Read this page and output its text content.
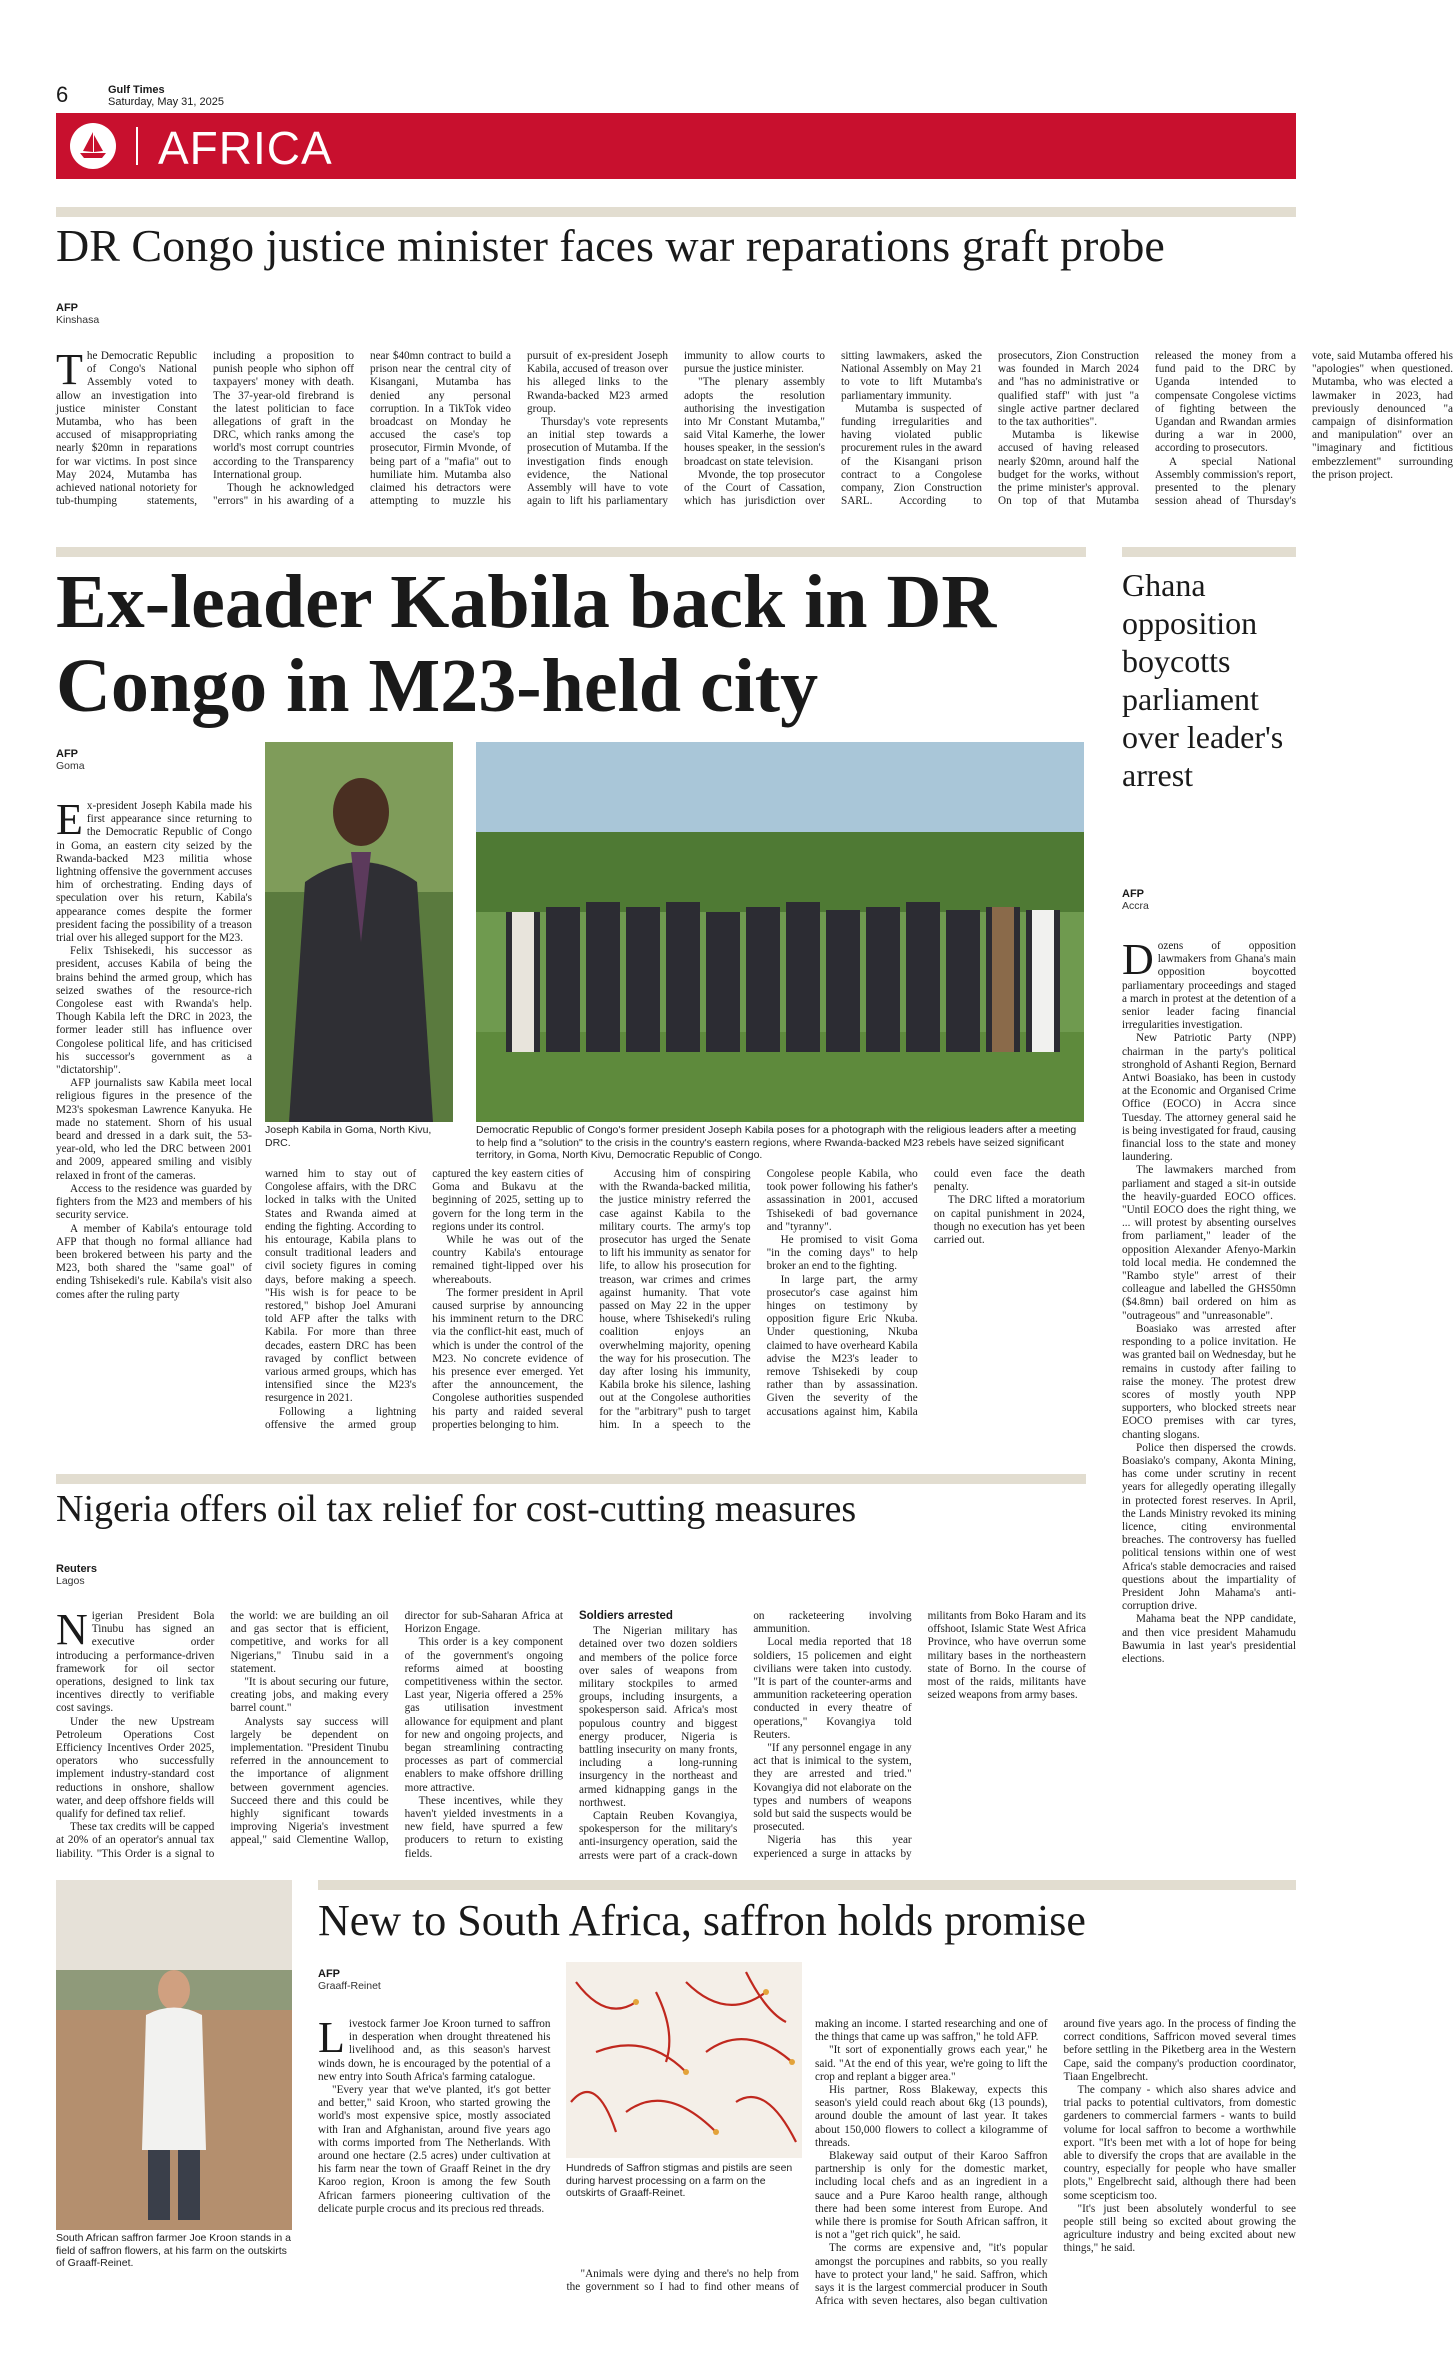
6	Gulf Times
Saturday, May 31, 2025
AFRICA
DR Congo justice minister faces war reparations graft probe
AFP
Kinshasa
T he Democratic Republic of Congo's National Assembly voted to allow an investigation into justice minister Constant Mutamba, who has been accused of misappropriating nearly $20mn in reparations for war victims. In post since May 2024, Mutamba has achieved national notoriety for tub-thumping statements, including a proposition to punish people who siphon off taxpayers' money with death. The 37-year-old firebrand is the latest politician to face allegations of graft in the DRC, which ranks among the world's most corrupt countries according to the Transparency International group.

Though he acknowledged "errors" in his awarding of a near $40mn contract to build a prison near the central city of Kisangani, Mutamba has denied any personal corruption. In a TikTok video broadcast on Monday he accused the case's top prosecutor, Firmin Mvonde, of being part of a "mafia" out to humiliate him. Mutamba also claimed his detractors were attempting to muzzle his pursuit of ex-president Joseph Kabila, accused of treason over his alleged links to the Rwanda-backed M23 armed group.

Thursday's vote represents an initial step towards a prosecution of Mutamba. If the investigation finds enough evidence, the National Assembly will have to vote again to lift his parliamentary immunity to allow courts to pursue the justice minister.

"The plenary assembly adopts the resolution authorising the investigation into Mr Constant Mutamba," said Vital Kamerhe, the lower houses speaker, in the session's broadcast on state television.

Mvonde, the top prosecutor of the Court of Cassation, which has jurisdiction over sitting lawmakers, asked the National Assembly on May 21 to vote to lift Mutamba's parliamentary immunity.

Mutamba is suspected of funding irregularities and having violated public procurement rules in the award of the Kisangani prison contract to a Congolese company, Zion Construction SARL. According to prosecutors, Zion Construction was founded in March 2024 and "has no administrative or qualified staff" with just "a single active partner declared to the tax authorities".

Mutamba is likewise accused of having released nearly $20mn, around half the budget for the works, without the prime minister's approval. On top of that Mutamba released the money from a fund paid to the DRC by Uganda intended to compensate Congolese victims of fighting between the Ugandan and Rwandan armies during a war in 2000, according to prosecutors.

A special National Assembly commission's report, presented to the plenary session ahead of Thursday's vote, said Mutamba offered his "apologies" when questioned. Mutamba, who was elected a lawmaker in 2023, had previously denounced "a campaign of disinformation and manipulation" over an "imaginary and fictitious embezzlement" surrounding the prison project.

Ex-leader Kabila back in DR Congo in M23-held city
AFP
Goma
E x-president Joseph Kabila made his first appearance since returning to the Democratic Republic of Congo in Goma, an eastern city seized by the Rwanda-backed M23 militia whose lightning offensive the government accuses him of orchestrating. Ending days of speculation over his return, Kabila's appearance comes despite the former president facing the possibility of a treason trial over his alleged support for the M23.

Felix Tshisekedi, his successor as president, accuses Kabila of being the brains behind the armed group, which has seized swathes of the resource-rich Congolese east with Rwanda's help. Though Kabila left the DRC in 2023, the former leader still has influence over Congolese political life, and has criticised his successor's government as a "dictatorship".

AFP journalists saw Kabila meet local religious figures in the presence of the M23's spokesman Lawrence Kanyuka. He made no statement. Shorn of his usual beard and dressed in a dark suit, the 53-year-old, who led the DRC between 2001 and 2009, appeared smiling and visibly relaxed in front of the cameras.

Access to the residence was guarded by fighters from the M23 and members of his security service.

A member of Kabila's entourage told AFP that though no formal alliance had been brokered between his party and the M23, both shared the "same goal" of ending Tshisekedi's rule. Kabila's visit also comes after the ruling party

Joseph Kabila in Goma, North Kivu, DRC.
Democratic Republic of Congo's former president Joseph Kabila poses for a photograph with the religious leaders after a meeting to help find a "solution" to the crisis in the country's eastern regions, where Rwanda-backed M23 rebels have seized significant territory, in Goma, North Kivu, Democratic Republic of Congo.

warned him to stay out of Congolese affairs, with the DRC locked in talks with the United States and Rwanda aimed at ending the fighting. According to his entourage, Kabila plans to consult traditional leaders and civil society figures in coming days, before making a speech. "His wish is for peace to be restored," bishop Joel Amurani told AFP after the talks with Kabila. For more than three decades, eastern DRC has been ravaged by conflict between various armed groups, which has intensified since the M23's resurgence in 2021.

Following a lightning offensive the armed group captured the key eastern cities of Goma and Bukavu at the beginning of 2025, setting up to govern for the long term in the regions under its control.

While he was out of the country Kabila's entourage remained tight-lipped over his whereabouts.

The former president in April caused surprise by announcing his imminent return to the DRC via the conflict-hit east, much of which is under the control of the M23. No concrete evidence of his presence ever emerged. Yet after the announcement, the Congolese authorities suspended his party and raided several properties belonging to him.

Accusing him of conspiring with the Rwanda-backed militia, the justice ministry referred the case against Kabila to the military courts. The army's top prosecutor has urged the Senate to lift his immunity as senator for life, to allow his prosecution for treason, war crimes and crimes against humanity. That vote passed on May 22 in the upper house, where Tshisekedi's ruling coalition enjoys an overwhelming majority, opening the way for his prosecution. The day after losing his immunity, Kabila broke his silence, lashing out at the Congolese authorities for the "arbitrary" push to target him. In a speech to the Congolese people Kabila, who took power following his father's assassination in 2001, accused Tshisekedi of bad governance and "tyranny".

He promised to visit Goma "in the coming days" to help broker an end to the fighting.

In large part, the army prosecutor's case against him hinges on testimony by opposition figure Eric Nkuba. Under questioning, Nkuba claimed to have overheard Kabila advise the M23's leader to remove Tshisekedi by coup rather than by assassination. Given the severity of the accusations against him, Kabila could even face the death penalty.

The DRC lifted a moratorium on capital punishment in 2024, though no execution has yet been carried out.

Ghana opposition boycotts parliament over leader's arrest
AFP
Accra
D ozens of opposition lawmakers from Ghana's main opposition boycotted parliamentary proceedings and staged a march in protest at the detention of a senior leader facing financial irregularities investigation.

New Patriotic Party (NPP) chairman in the party's political stronghold of Ashanti Region, Bernard Antwi Boasiako, has been in custody at the Economic and Organised Crime Office (EOCO) in Accra since Tuesday. The attorney general said he is being investigated for fraud, causing financial loss to the state and money laundering.

The lawmakers marched from parliament and staged a sit-in outside the heavily-guarded EOCO offices. "Until EOCO does the right thing, we ... will protest by absenting ourselves from parliament," leader of the opposition Alexander Afenyo-Markin told local media. He condemned the "Rambo style" arrest of their colleague and labelled the GHS50mn ($4.8mn) bail ordered on him as "outrageous" and "unreasonable".

Boasiako was arrested after responding to a police invitation. He was granted bail on Wednesday, but he remains in custody after failing to raise the money. The protest drew scores of mostly youth NPP supporters, who blocked streets near EOCO premises with car tyres, chanting slogans.

Police then dispersed the crowds. Boasiako's company, Akonta Mining, has come under scrutiny in recent years for allegedly operating illegally in protected forest reserves. In April, the Lands Ministry revoked its mining licence, citing environmental breaches. The controversy has fuelled political tensions within one of west Africa's stable democracies and raised questions about the impartiality of President John Mahama's anti-corruption drive.

Mahama beat the NPP candidate, and then vice president Mahamudu Bawumia in last year's presidential elections.

Nigeria offers oil tax relief for cost-cutting measures
Reuters
Lagos
N igerian President Bola Tinubu has signed an executive order introducing a performance-driven framework for oil sector operations, designed to link tax incentives directly to verifiable cost savings.

Under the new Upstream Petroleum Operations Cost Efficiency Incentives Order 2025, operators who successfully implement industry-standard cost reductions in onshore, shallow water, and deep offshore fields will qualify for defined tax relief.

These tax credits will be capped at 20% of an operator's annual tax liability. "This Order is a signal to the world: we are building an oil and gas sector that is efficient, competitive, and works for all Nigerians," Tinubu said in a statement.

"It is about securing our future, creating jobs, and making every barrel count."

Analysts say success will largely be dependent on implementation. "President Tinubu referred in the announcement to the importance of alignment between government agencies. Succeed there and this could be highly significant towards improving Nigeria's investment appeal," said Clementine Wallop, director for sub-Saharan Africa at Horizon Engage.

This order is a key component of the government's ongoing reforms aimed at boosting competitiveness within the sector. Last year, Nigeria offered a 25% gas utilisation investment allowance for equipment and plant for new and ongoing projects, and began streamlining contracting processes as part of commercial enablers to make offshore drilling more attractive.

These incentives, while they haven't yielded investments in a new field, have spurred a few producers to return to existing fields.

Soldiers arrested

The Nigerian military has detained over two dozen soldiers and members of the police force over sales of weapons from military stockpiles to armed groups, including insurgents, a spokesperson said. Africa's most populous country and biggest energy producer, Nigeria is battling insecurity on many fronts, including a long-running insurgency in the northeast and armed kidnapping gangs in the northwest.

Captain Reuben Kovangiya, spokesperson for the military's anti-insurgency operation, said the arrests were part of a crack-down on racketeering involving ammunition.

Local media reported that 18 soldiers, 15 policemen and eight civilians were taken into custody. "It is part of the counter-arms and ammunition racketeering operation conducted in every theatre of operations," Kovangiya told Reuters.

"If any personnel engage in any act that is inimical to the system, they are arrested and tried." Kovangiya did not elaborate on the types and numbers of weapons sold but said the suspects would be prosecuted.

Nigeria has this year experienced a surge in attacks by militants from Boko Haram and its offshoot, Islamic State West Africa Province, who have overrun some military bases in the northeastern state of Borno. In the course of most of the raids, militants have seized weapons from army bases.

South African saffron farmer Joe Kroon stands in a field of saffron flowers, at his farm on the outskirts of Graaff-Reinet.
New to South Africa, saffron holds promise
AFP
Graaff-Reinet
Hundreds of Saffron stigmas and pistils are seen during harvest processing on a farm on the outskirts of Graaff-Reinet.
L ivestock farmer Joe Kroon turned to saffron in desperation when drought threatened his livelihood and, as this season's harvest winds down, he is encouraged by the potential of a new entry into South Africa's farming catalogue.

"Every year that we've planted, it's got better and better," said Kroon, who started growing the world's most expensive spice, mostly associated with Iran and Afghanistan, around five years ago with corms imported from The Netherlands. With around one hectare (2.5 acres) under cultivation at his farm near the town of Graaff Reinet in the dry Karoo region, Kroon is among the few South African farmers pioneering cultivation of the delicate purple crocus and its precious red threads.

"Animals were dying and there's no help from the government so I had to find other means of making an income. I started researching and one of the things that came up was saffron," he told AFP.

"It sort of exponentially grows each year," he said. "At the end of this year, we're going to lift the crop and replant a bigger area."

His partner, Ross Blakeway, expects this season's yield could reach about 6kg (13 pounds), around double the amount of last year. It takes about 150,000 flowers to collect a kilogramme of threads.

Blakeway said output of their Karoo Saffron partnership is only for the domestic market, including local chefs and as an ingredient in a sauce and a Pure Karoo health range, although there had been some interest from Europe. And while there is promise for South African saffron, it is not a "get rich quick", he said.

The corms are expensive and, "it's popular amongst the porcupines and rabbits, so you really have to protect your land," he said. Saffron, which says it is the largest commercial producer in South Africa with seven hectares, also began cultivation around five years ago. In the process of finding the correct conditions, Saffricon moved several times before settling in the Piketberg area in the Western Cape, said the company's production coordinator, Tiaan Engelbrecht.

The company - which also shares advice and trial packs to potential cultivators, from domestic gardeners to commercial farmers - wants to build volume for local saffron to become a worthwhile export. "It's been met with a lot of hope for being able to diversify the crops that are available in the country, especially for people who have smaller plots," Engelbrecht said, although there had been some scepticism too.

"It's just been absolutely wonderful to see people still being so excited about growing the agriculture industry and being excited about new things," he said.
